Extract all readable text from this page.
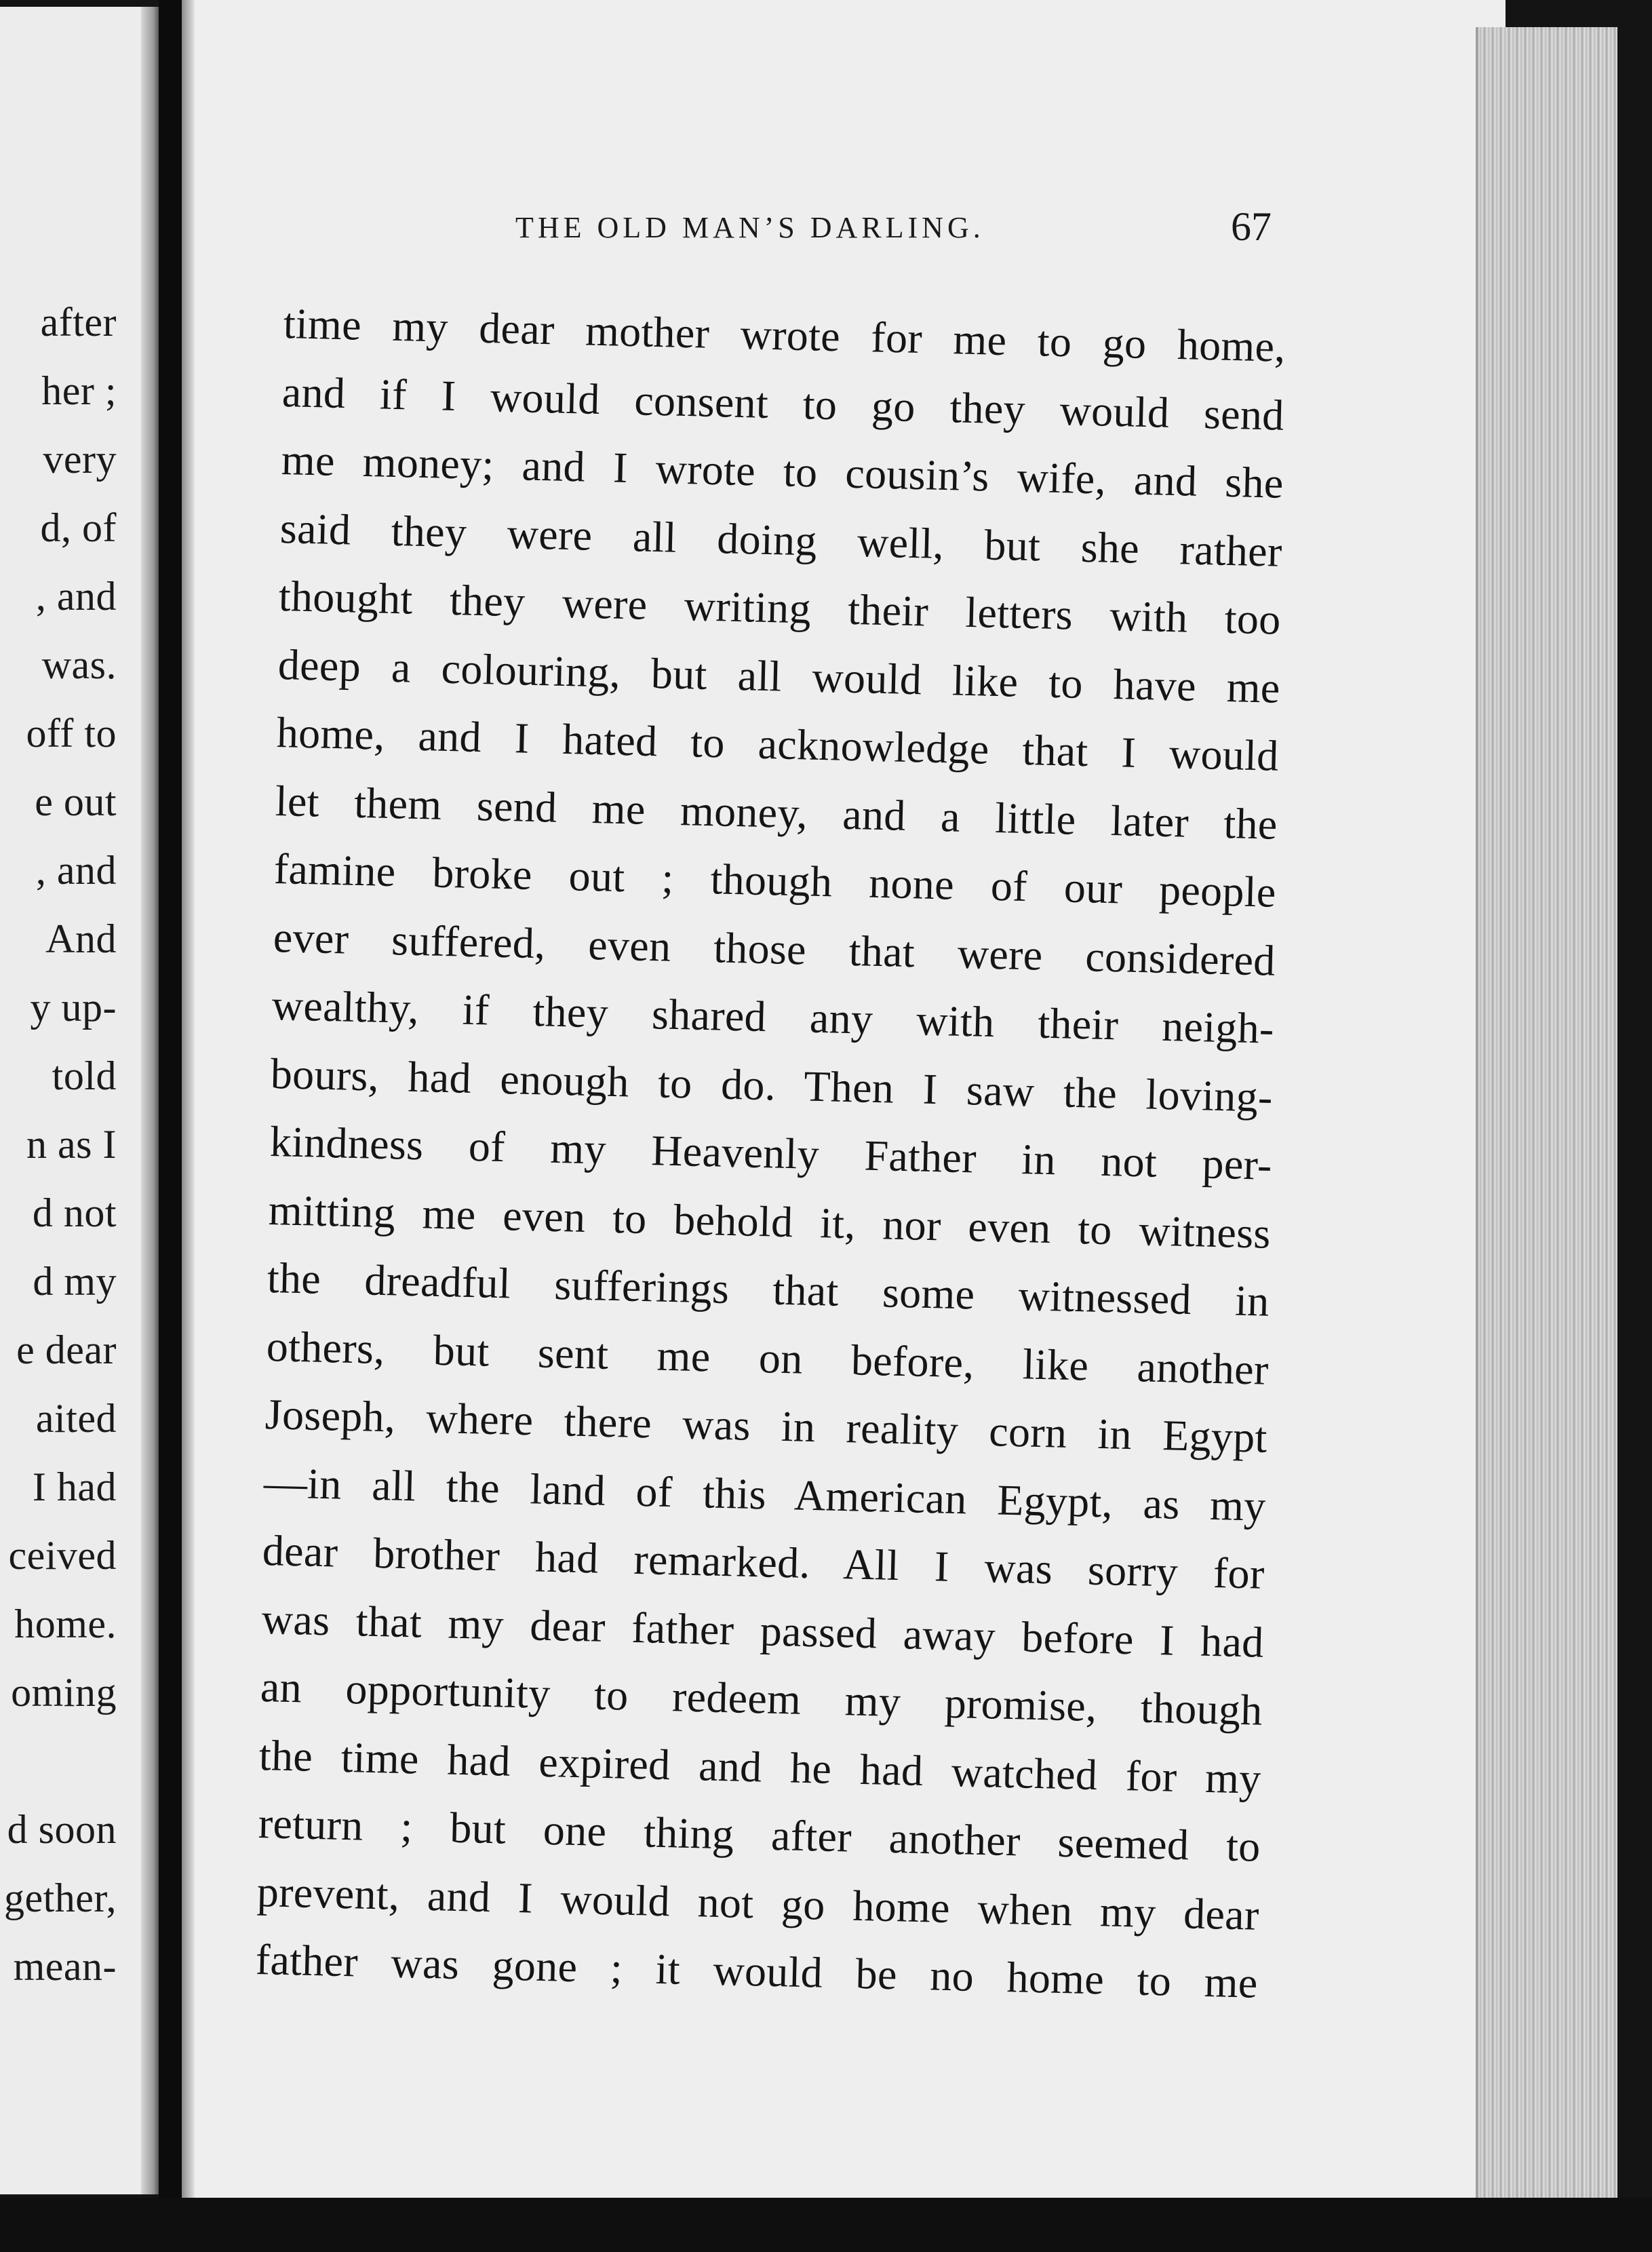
after
her ;
very
d, of
, and
was.
off to
e out
, and
And
y up-
told
n as I
d not
d my
e dear
aited
I had
ceived
home.
oming
d soon
gether,
mean-
THE OLD MAN’S DARLING.	67
time my dear mother wrote for me to go home,
and if I would consent to go they would send
me money; and I wrote to cousin’s wife, and she
said they were all doing well, but she rather
thought they were writing their letters with too
deep a colouring, but all would like to have me
home, and I hated to acknowledge that I would
let them send me money, and a little later the
famine broke out ; though none of our people
ever suffered, even those that were considered
wealthy, if they shared any with their neigh-
bours, had enough to do. Then I saw the loving-
kindness of my Heavenly Father in not per-
mitting me even to behold it, nor even to witness
the dreadful sufferings that some witnessed in
others, but sent me on before, like another
Joseph, where there was in reality corn in Egypt
—in all the land of this American Egypt, as my
dear brother had remarked. All I was sorry for
was that my dear father passed away before I had
an opportunity to redeem my promise, though
the time had expired and he had watched for my
return ; but one thing after another seemed to
prevent, and I would not go home when my dear
father was gone ; it would be no home to me
